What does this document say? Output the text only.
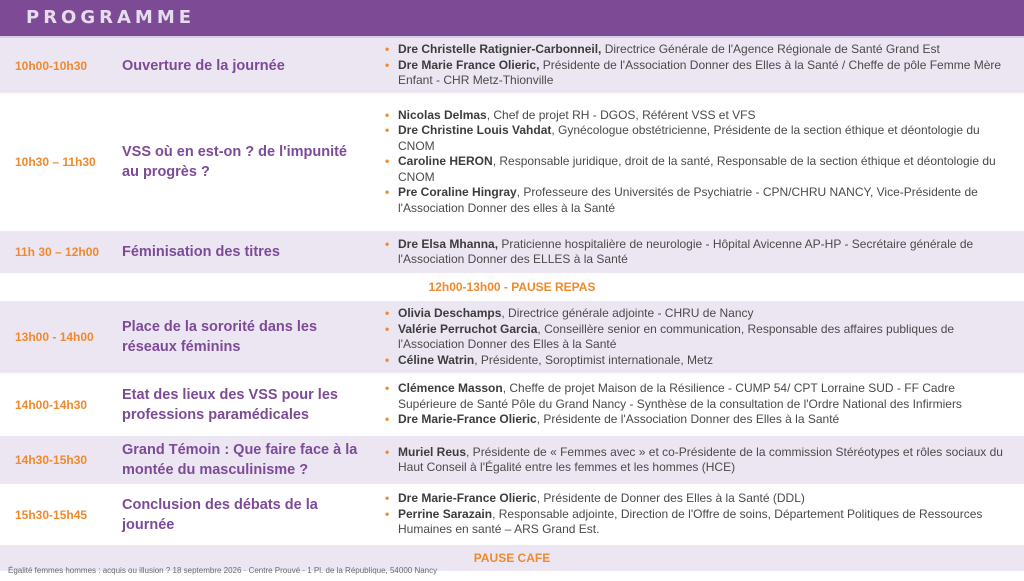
PROGRAMME
10h00-10h30	Ouverture de la journée
• Dre Christelle Ratignier-Carbonneil, Directrice Générale de l'Agence Régionale de Santé Grand Est
• Dre Marie France Olieric, Présidente de l'Association Donner des Elles à la Santé / Cheffe de pôle Femme Mère Enfant - CHR Metz-Thionville
10h30 – 11h30
VSS où en est-on ? de l'impunité au progrès ?
• Nicolas Delmas, Chef de projet RH - DGOS, Référent VSS et VFS
• Dre Christine Louis Vahdat, Gynécologue obstétricienne, Présidente de la section éthique et déontologie du CNOM
• Caroline HERON, Responsable juridique, droit de la santé, Responsable de la section éthique et déontologie du CNOM
• Pre Coraline Hingray, Professeure des Universités de Psychiatrie - CPN/CHRU NANCY, Vice-Présidente de l'Association Donner des elles à la Santé
11h 30 – 12h00	Féminisation des titres
• Dre Elsa Mhanna, Praticienne hospitalière de neurologie - Hôpital Avicenne AP-HP - Secrétaire générale de l'Association Donner des ELLES à la Santé
12h00-13h00 - PAUSE REPAS
13h00 - 14h00
Place de la sororité dans les réseaux féminins
• Olivia Deschamps, Directrice générale adjointe - CHRU de Nancy
• Valérie Perruchot Garcia, Conseillère senior en communication, Responsable des affaires publiques de l'Association Donner des Elles à la Santé
• Céline Watrin, Présidente, Soroptimist internationale, Metz
14h00-14h30
Etat des lieux des VSS pour les professions paramédicales
• Clémence Masson, Cheffe de projet Maison de la Résilience - CUMP 54/ CPT Lorraine SUD - FF Cadre Supérieure de Santé Pôle du Grand Nancy - Synthèse de la consultation de l'Ordre National des Infirmiers
• Dre Marie-France Olieric, Présidente de l'Association Donner des Elles à la Santé
14h30-15h30
Grand Témoin : Que faire face à la montée du masculinisme ?
• Muriel Reus, Présidente de « Femmes avec » et co-Présidente de la commission Stéréotypes et rôles sociaux du Haut Conseil à l'Égalité entre les femmes et les hommes (HCE)
15h30-15h45
Conclusion des débats de la journée
• Dre Marie-France Olieric, Présidente de Donner des Elles à la Santé (DDL)
• Perrine Sarazain, Responsable adjointe, Direction de l'Offre de soins, Département Politiques de Ressources Humaines en santé – ARS Grand Est.
PAUSE CAFE
Égalité femmes hommes : acquis ou illusion ? 18 septembre 2026 · Centre Prouvé - 1 Pl. de la République, 54000 Nancy
